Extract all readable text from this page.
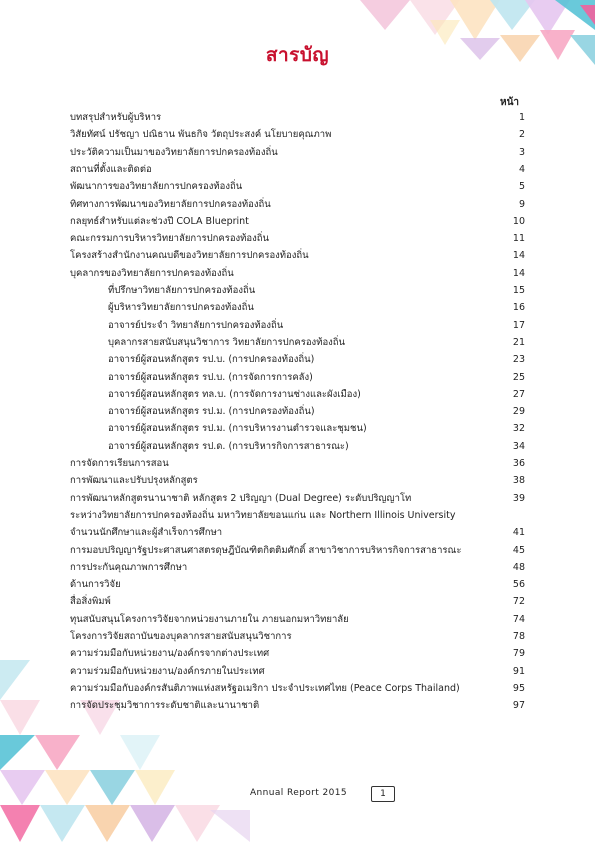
สารบัญ
หน้า
บทสรุปสำหรับผู้บริหาร	1
วิสัยทัศน์ ปรัชญา ปณิธาน พันธกิจ วัตถุประสงค์ นโยบายคุณภาพ	2
ประวัติความเป็นมาของวิทยาลัยการปกครองท้องถิ่น	3
สถานที่ตั้งและติดต่อ	4
พัฒนาการของวิทยาลัยการปกครองท้องถิ่น	5
ทิศทางการพัฒนาของวิทยาลัยการปกครองท้องถิ่น	9
กลยุทธ์สำหรับแต่ละช่วงปี COLA Blueprint	10
คณะกรรมการบริหารวิทยาลัยการปกครองท้องถิ่น	11
โครงสร้างสำนักงานคณบดีของวิทยาลัยการปกครองท้องถิ่น	14
บุคลากรของวิทยาลัยการปกครองท้องถิ่น	14
ที่ปรึกษาวิทยาลัยการปกครองท้องถิ่น	15
ผู้บริหารวิทยาลัยการปกครองท้องถิ่น	16
อาจารย์ประจำ วิทยาลัยการปกครองท้องถิ่น	17
บุคลากรสายสนับสนุนวิชาการ วิทยาลัยการปกครองท้องถิ่น	21
อาจารย์ผู้สอนหลักสูตร รป.บ. (การปกครองท้องถิ่น)	23
อาจารย์ผู้สอนหลักสูตร รป.บ. (การจัดการการคลัง)	25
อาจารย์ผู้สอนหลักสูตร ทล.บ. (การจัดการงานช่างและผังเมือง)	27
อาจารย์ผู้สอนหลักสูตร รป.ม. (การปกครองท้องถิ่น)	29
อาจารย์ผู้สอนหลักสูตร รป.ม. (การบริหารงานตำรวจและชุมชน)	32
อาจารย์ผู้สอนหลักสูตร รป.ด. (การบริหารกิจการสาธารณะ)	34
การจัดการเรียนการสอน	36
การพัฒนาและปรับปรุงหลักสูตร	38
การพัฒนาหลักสูตรนานาชาติ หลักสูตร 2 ปริญญา (Dual Degree) ระดับปริญญาโท	39
ระหว่างวิทยาลัยการปกครองท้องถิ่น มหาวิทยาลัยขอนแก่น และ Northern Illinois University
จำนวนนักศึกษาและผู้สำเร็จการศึกษา	41
การมอบปริญญารัฐประศาสนศาสตรดุษฎีบัณฑิตกิตติมศักดิ์ สาขาวิชาการบริหารกิจการสาธารณะ	45
การประกันคุณภาพการศึกษา	48
ด้านการวิจัย	56
สื่อสิ่งพิมพ์	72
ทุนสนับสนุนโครงการวิจัยจากหน่วยงานภายใน ภายนอกมหาวิทยาลัย	74
โครงการวิจัยสถาบันของบุคลากรสายสนับสนุนวิชาการ	78
ความร่วมมือกับหน่วยงาน/องค์กรจากต่างประเทศ	79
ความร่วมมือกับหน่วยงาน/องค์กรภายในประเทศ	91
ความร่วมมือกับองค์กรสันติภาพแห่งสหรัฐอเมริกา ประจำประเทศไทย (Peace Corps Thailand)	95
การจัดประชุมวิชาการระดับชาติและนานาชาติ	97
Annual Report 2015	1
